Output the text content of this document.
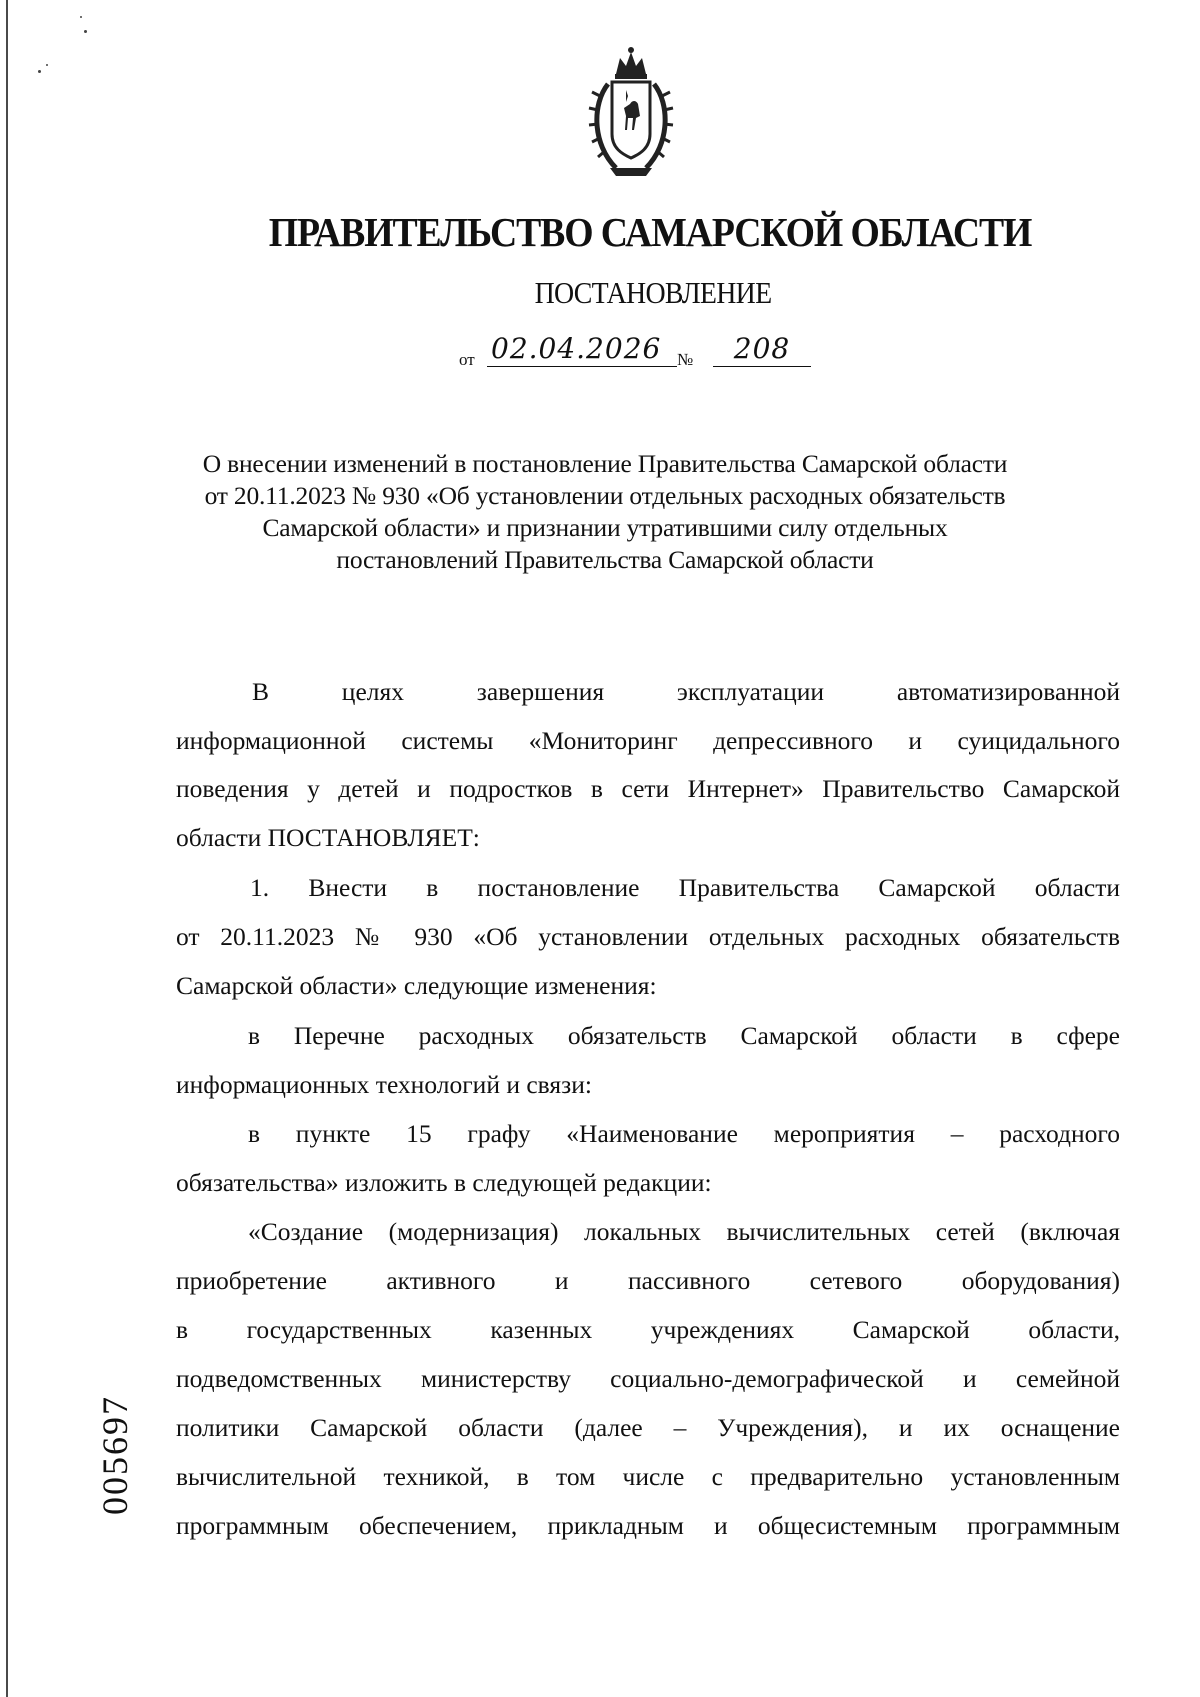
ПРАВИТЕЛЬСТВО САМАРСКОЙ ОБЛАСТИ
ПОСТАНОВЛЕНИЕ
от 02.04.2026 №	208
О внесении изменений в постановление Правительства Самарской области
от 20.11.2023 № 930 «Об установлении отдельных расходных обязательств
Самарской области» и признании утратившими силу отдельных
постановлений Правительства Самарской области
В целях завершения эксплуатации автоматизированной
информационной системы «Мониторинг депрессивного и суицидального
поведения у детей и подростков в сети Интернет» Правительство Самарской
области ПОСТАНОВЛЯЕТ:
1. Внести в постановление Правительства Самарской области
от 20.11.2023 № 930 «Об установлении отдельных расходных обязательств
Самарской области» следующие изменения:
в Перечне расходных обязательств Самарской области в сфере
информационных технологий и связи:
в пункте 15 графу «Наименование мероприятия – расходного
обязательства» изложить в следующей редакции:
«Создание (модернизация) локальных вычислительных сетей (включая
приобретение активного и пассивного сетевого оборудования)
в государственных казенных учреждениях Самарской области,
подведомственных министерству социально-демографической и семейной
политики Самарской области (далее – Учреждения), и их оснащение
вычислительной техникой, в том числе с предварительно установленным
программным обеспечением, прикладным и общесистемным программным
005697
